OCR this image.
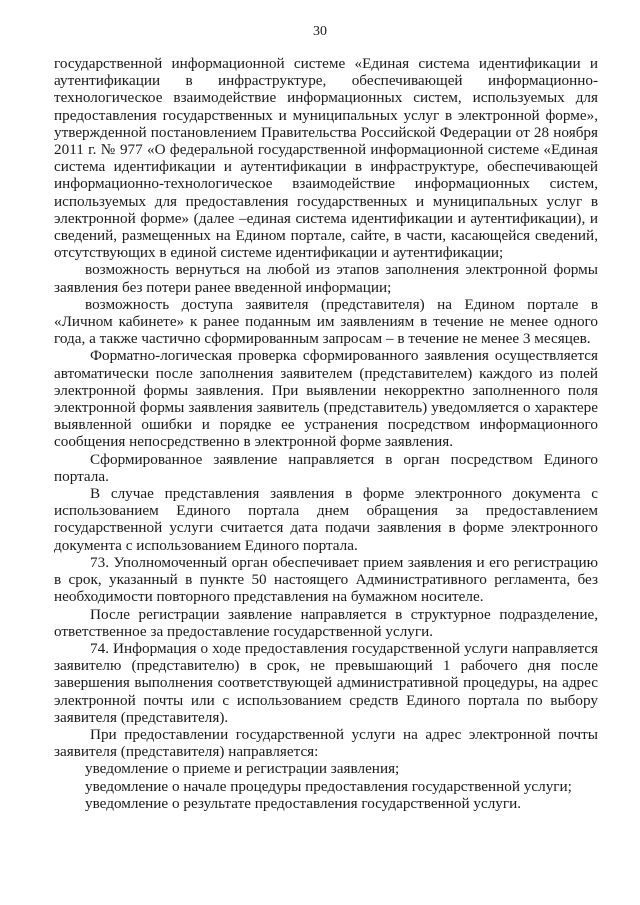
30

государственной информационной системе «Единая система идентификации и аутентификации в инфраструктуре, обеспечивающей информационно-технологическое взаимодействие информационных систем, используемых для предоставления государственных и муниципальных услуг в электронной форме», утвержденной постановлением Правительства Российской Федерации от 28 ноября 2011 г. № 977 «О федеральной государственной информационной системе «Единая система идентификации и аутентификации в инфраструктуре, обеспечивающей информационно-технологическое взаимодействие информационных систем, используемых для предоставления государственных и муниципальных услуг в электронной форме» (далее –единая система идентификации и аутентификации), и сведений, размещенных на Едином портале, сайте, в части, касающейся сведений, отсутствующих в единой системе идентификации и аутентификации;

возможность вернуться на любой из этапов заполнения электронной формы заявления без потери ранее введенной информации;

возможность доступа заявителя (представителя) на Едином портале в «Личном кабинете» к ранее поданным им заявлениям в течение не менее одного года, а также частично сформированным запросам – в течение не менее 3 месяцев.

Форматно-логическая проверка сформированного заявления осуществляется автоматически после заполнения заявителем (представителем) каждого из полей электронной формы заявления. При выявлении некорректно заполненного поля электронной формы заявления заявитель (представитель) уведомляется о характере выявленной ошибки и порядке ее устранения посредством информационного сообщения непосредственно в электронной форме заявления.

Сформированное заявление направляется в орган посредством Единого портала.

В случае представления заявления в форме электронного документа с использованием Единого портала днем обращения за предоставлением государственной услуги считается дата подачи заявления в форме электронного документа с использованием Единого портала.

73. Уполномоченный орган обеспечивает прием заявления и его регистрацию в срок, указанный в пункте 50 настоящего Административного регламента, без необходимости повторного представления на бумажном носителе.

После регистрации заявление направляется в структурное подразделение, ответственное за предоставление государственной услуги.

74. Информация о ходе предоставления государственной услуги направляется заявителю (представителю) в срок, не превышающий 1 рабочего дня после завершения выполнения соответствующей административной процедуры, на адрес электронной почты или с использованием средств Единого портала по выбору заявителя (представителя).

При предоставлении государственной услуги на адрес электронной почты заявителя (представителя) направляется:

уведомление о приеме и регистрации заявления;

уведомление о начале процедуры предоставления государственной услуги;

уведомление о результате предоставления государственной услуги.
